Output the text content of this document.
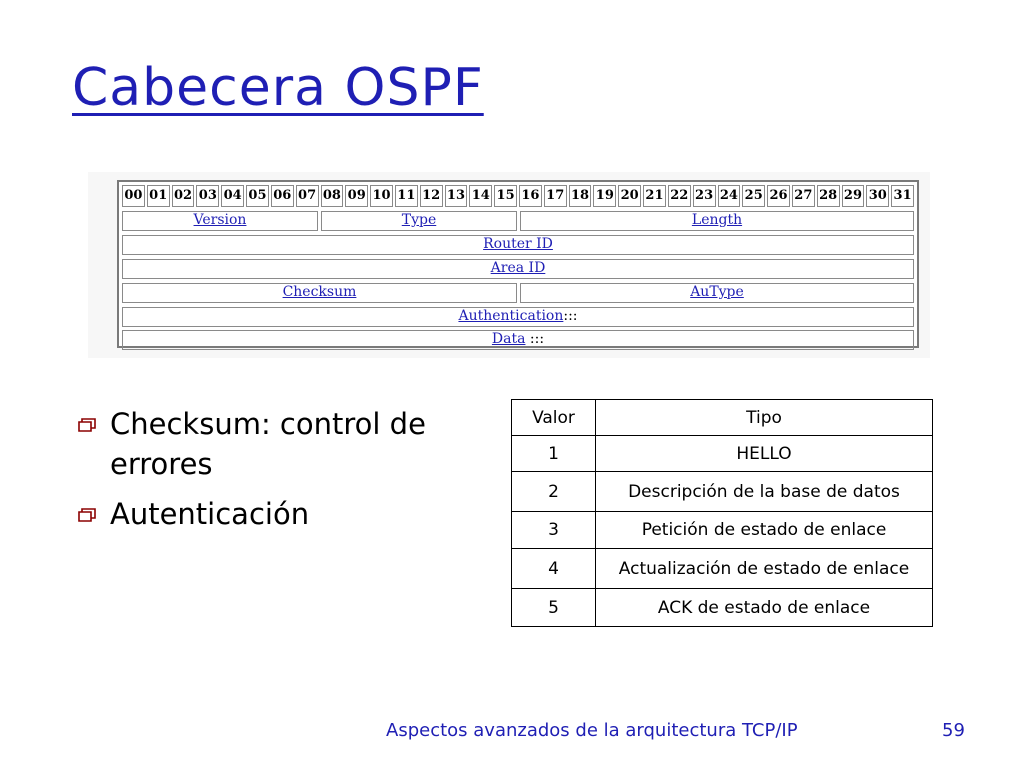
Cabecera OSPF
00 01 02 03 04 05 06 07 08 09 10 11 12 13 14 15 16 17 18 19 20 21 22 23 24 25 26 27 28 29 30 31
Version	Type	Length
Router ID
Area ID
Checksum	AuType
Authentication:::
Data :::
Checksum: control de errores
Autenticación
Valor	Tipo
1	HELLO
2	Descripción de la base de datos
3	Petición de estado de enlace
4	Actualización de estado de enlace
5	ACK de estado de enlace
Aspectos avanzados de la arquitectura TCP/IP	59
